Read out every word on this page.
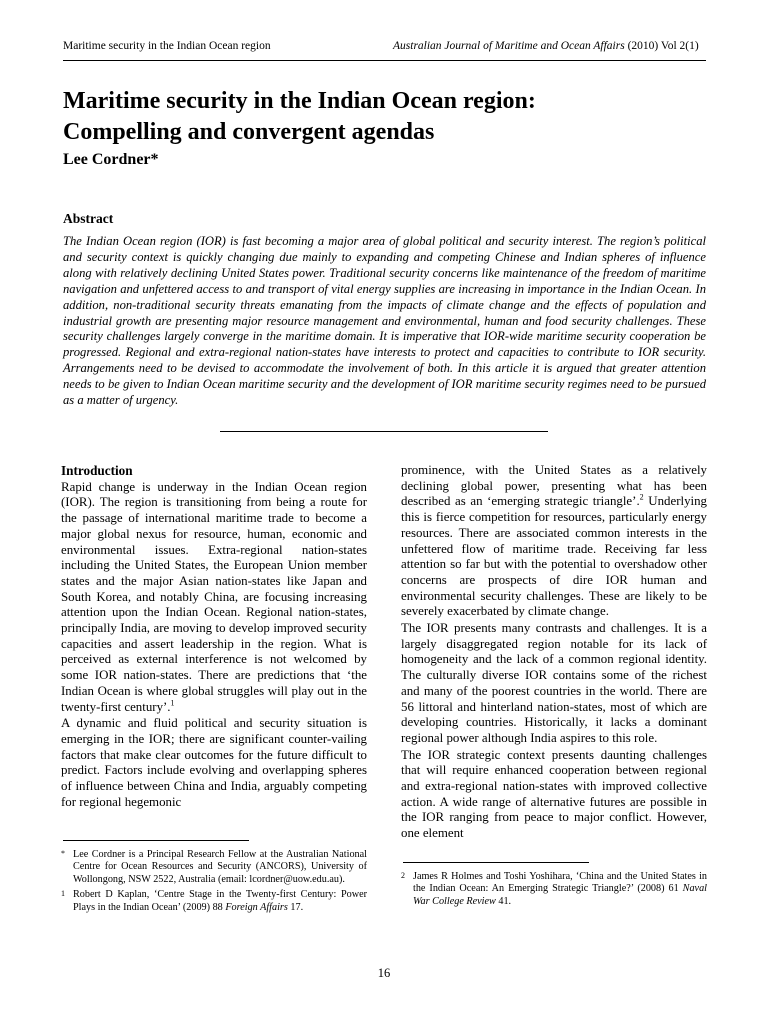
Maritime security in the Indian Ocean region	Australian Journal of Maritime and Ocean Affairs (2010) Vol 2(1)
Maritime security in the Indian Ocean region:
Compelling and convergent agendas
Lee Cordner*
Abstract

The Indian Ocean region (IOR) is fast becoming a major area of global political and security interest. The region’s political and security context is quickly changing due mainly to expanding and competing Chinese and Indian spheres of influence along with relatively declining United States power. Traditional security concerns like maintenance of the freedom of maritime navigation and unfettered access to and transport of vital energy supplies are increasing in importance in the Indian Ocean. In addition, non-traditional security threats emanating from the impacts of climate change and the effects of population and industrial growth are presenting major resource management and environmental, human and food security challenges. These security challenges largely converge in the maritime domain. It is imperative that IOR-wide maritime security cooperation be progressed. Regional and extra-regional nation-states have interests to protect and capacities to contribute to IOR security. Arrangements need to be devised to accommodate the involvement of both. In this article it is argued that greater attention needs to be given to Indian Ocean maritime security and the development of IOR maritime security regimes need to be pursued as a matter of urgency.

Introduction

Rapid change is underway in the Indian Ocean region (IOR). The region is transitioning from being a route for the passage of international maritime trade to become a major global nexus for resource, human, economic and environmental issues. Extra-regional nation-states including the United States, the European Union member states and the major Asian nation-states like Japan and South Korea, and notably China, are focusing increasing attention upon the Indian Ocean. Regional nation-states, principally India, are moving to develop improved security capacities and assert leadership in the region. What is perceived as external interference is not welcomed by some IOR nation-states. There are predictions that ‘the Indian Ocean is where global struggles will play out in the twenty-first century’.$^1$

A dynamic and fluid political and security situation is emerging in the IOR; there are significant counter-vailing factors that make clear outcomes for the future difficult to predict. Factors include evolving and overlapping spheres of influence between China and India, arguably competing for regional hegemonic

prominence, with the United States as a relatively declining global power, presenting what has been described as an ‘emerging strategic triangle’.$^2$ Underlying this is fierce competition for resources, particularly energy resources. There are associated common interests in the unfettered flow of maritime trade. Receiving far less attention so far but with the potential to overshadow other concerns are prospects of dire IOR human and environmental security challenges. These are likely to be severely exacerbated by climate change.

The IOR presents many contrasts and challenges. It is a largely disaggregated region notable for its lack of homogeneity and the lack of a common regional identity. The culturally diverse IOR contains some of the richest and many of the poorest countries in the world. There are 56 littoral and hinterland nation-states, most of which are developing countries. Historically, it lacks a dominant regional power although India aspires to this role.

The IOR strategic context presents daunting challenges that will require enhanced cooperation between regional and extra-regional nation-states with improved collective action. A wide range of alternative futures are possible in the IOR ranging from peace to major conflict. However, one element

* Lee Cordner is a Principal Research Fellow at the Australian National Centre for Ocean Resources and Security (ANCORS), University of Wollongong, NSW 2522, Australia (email: lcordner@uow.edu.au).
1 Robert D Kaplan, ‘Centre Stage in the Twenty-first Century: Power Plays in the Indian Ocean’ (2009) 88 Foreign Affairs 17.
2 James R Holmes and Toshi Yoshihara, ‘China and the United States in the Indian Ocean: An Emerging Strategic Triangle?’ (2008) 61 Naval War College Review 41.
16
